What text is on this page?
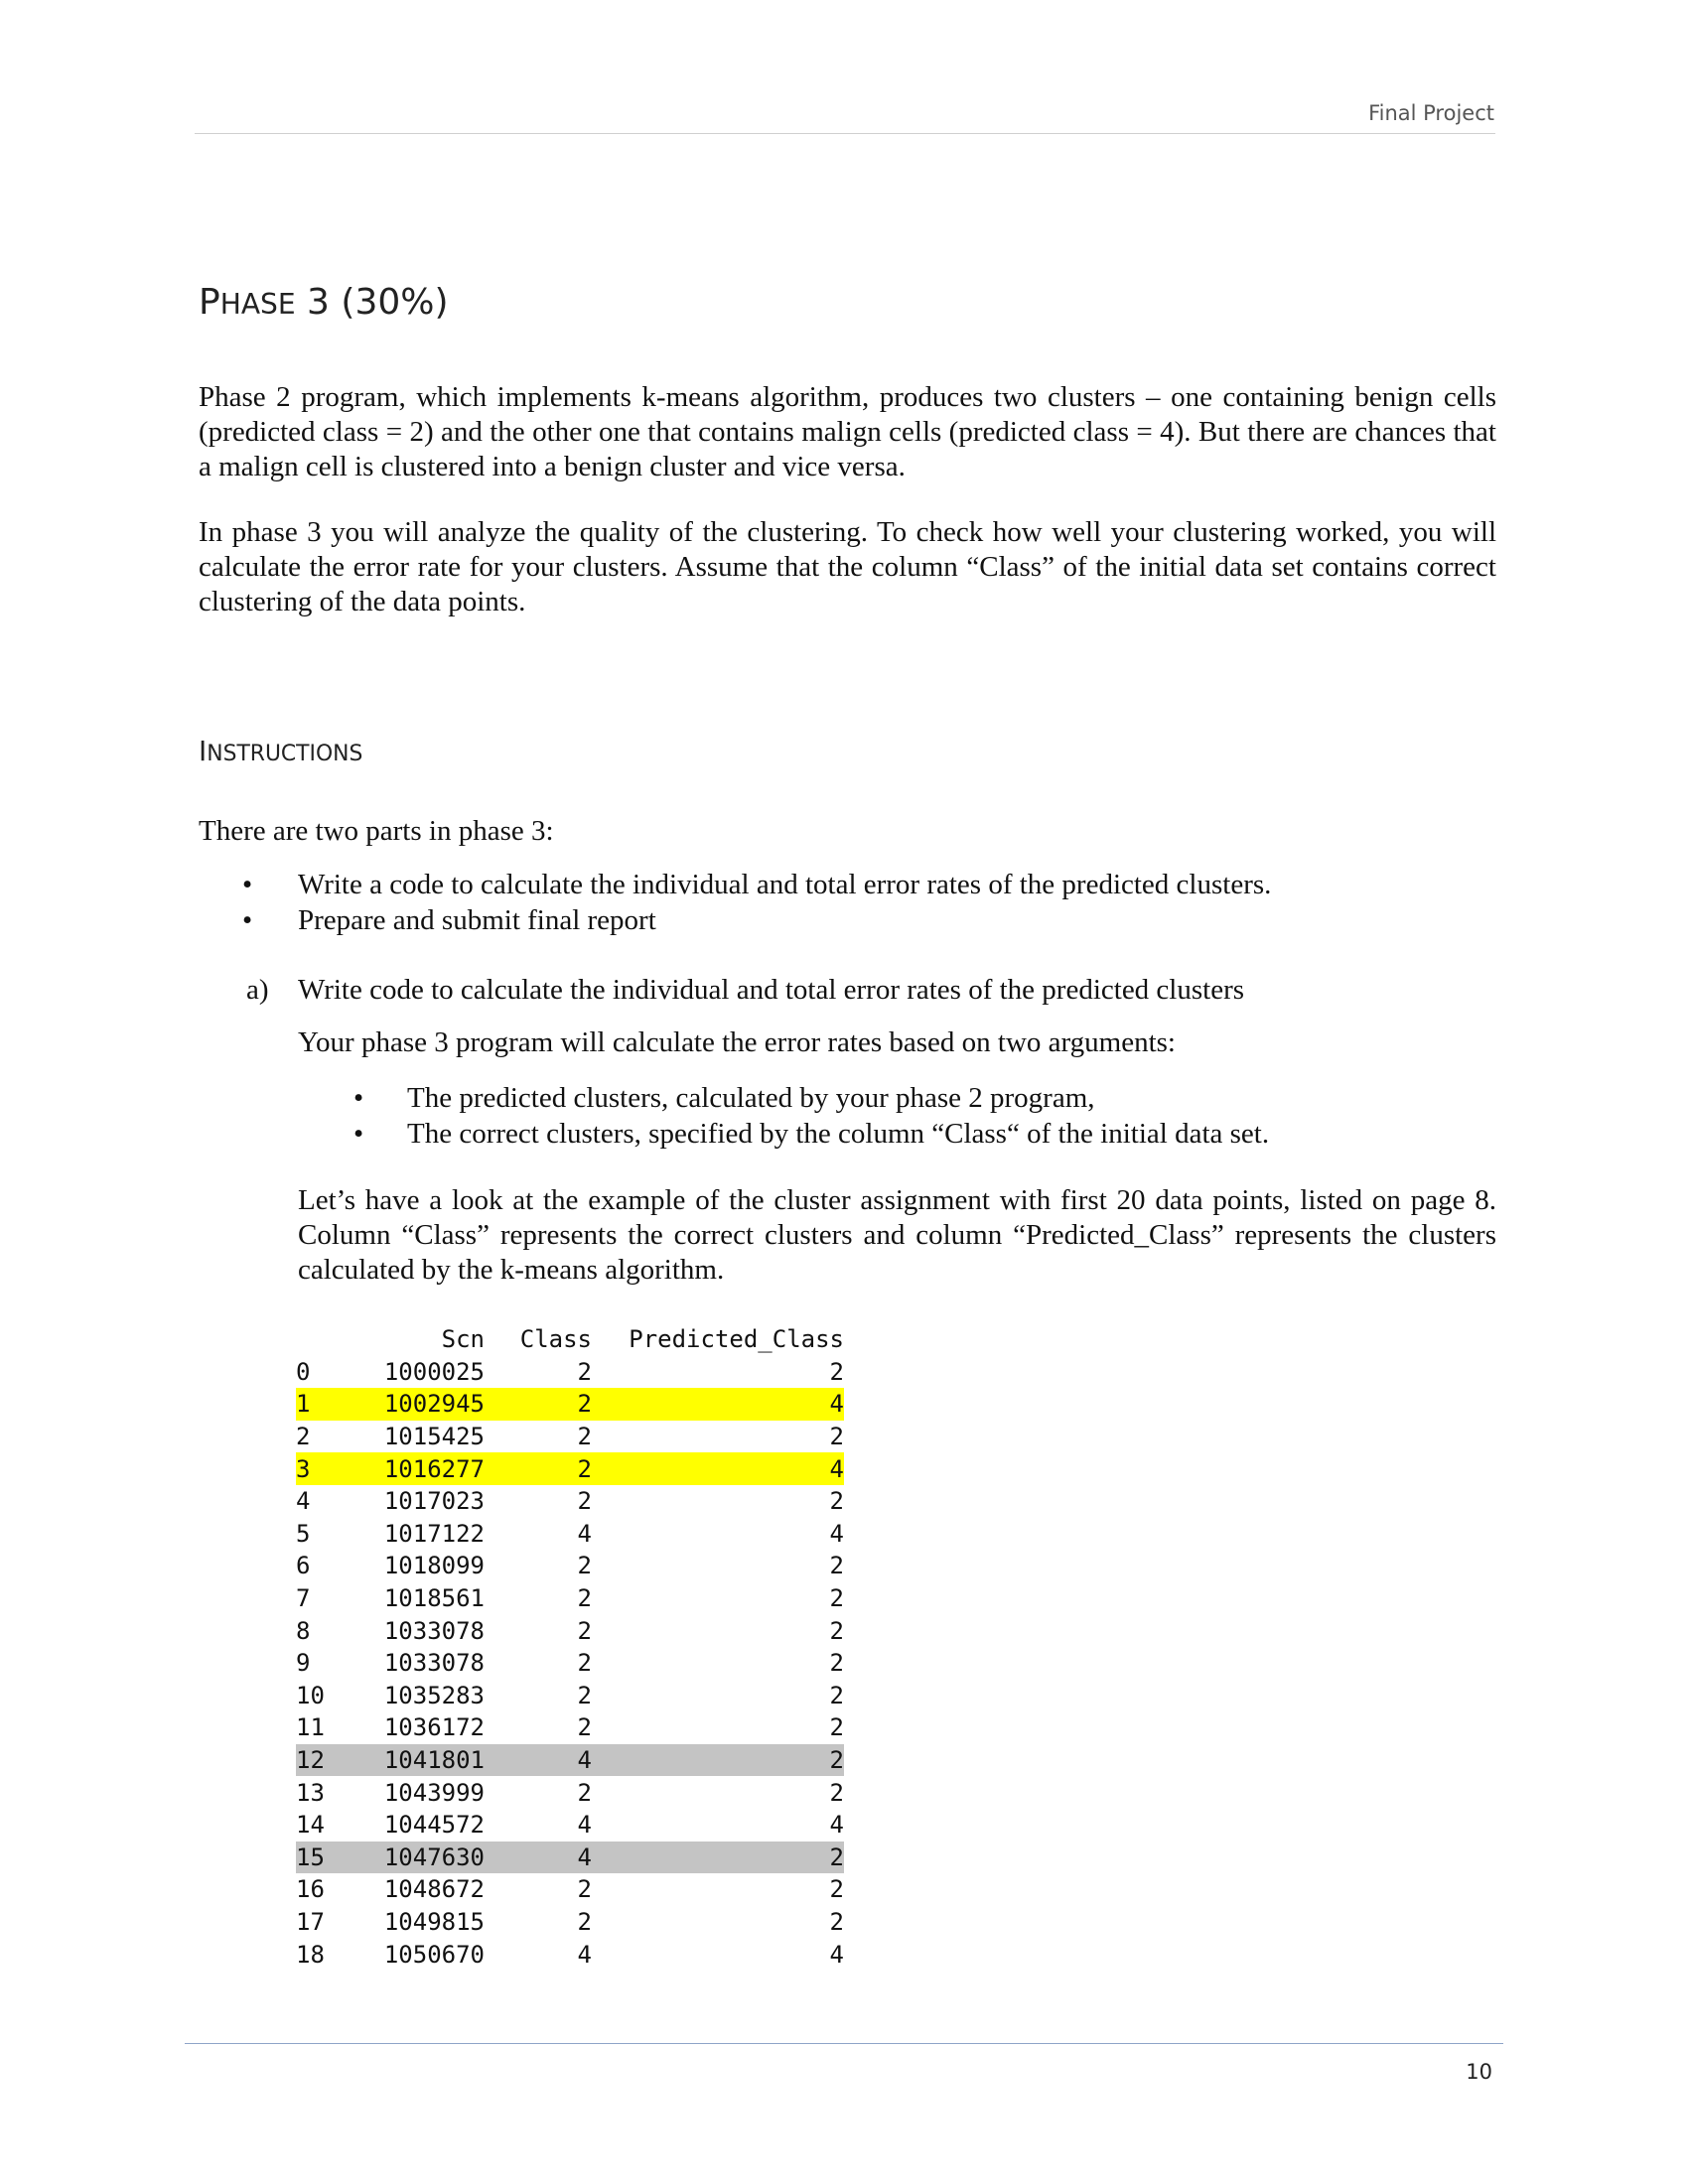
Final Project
PHASE 3 (30%)

Phase 2 program, which implements k-means algorithm, produces two clusters – one containing benign cells (predicted class = 2) and the other one that contains malign cells (predicted class = 4). But there are chances that a malign cell is clustered into a benign cluster and vice versa.

In phase 3 you will analyze the quality of the clustering. To check how well your clustering worked, you will calculate the error rate for your clusters. Assume that the column “Class” of the initial data set contains correct clustering of the data points.

INSTRUCTIONS

There are two parts in phase 3:

• Write a code to calculate the individual and total error rates of the predicted clusters.
• Prepare and submit final report
a) Write code to calculate the individual and total error rates of the predicted clusters

Your phase 3 program will calculate the error rates based on two arguments:

• The predicted clusters, calculated by your phase 2 program,
• The correct clusters, specified by the column “Class“ of the initial data set.

Let’s have a look at the example of the cluster assignment with first 20 data points, listed on page 8. Column “Class” represents the correct clusters and column “Predicted_Class” represents the clusters calculated by the k-means algorithm.

	Scn	Class	Predicted_Class
0	1000025	2	2
1	1002945	2	4
2	1015425	2	2
3	1016277	2	4
4	1017023	2	2
5	1017122	4	4
6	1018099	2	2
7	1018561	2	2
8	1033078	2	2
9	1033078	2	2
10	1035283	2	2
11	1036172	2	2
12	1041801	4	2
13	1043999	2	2
14	1044572	4	4
15	1047630	4	2
16	1048672	2	2
17	1049815	2	2
18	1050670	4	4
10
